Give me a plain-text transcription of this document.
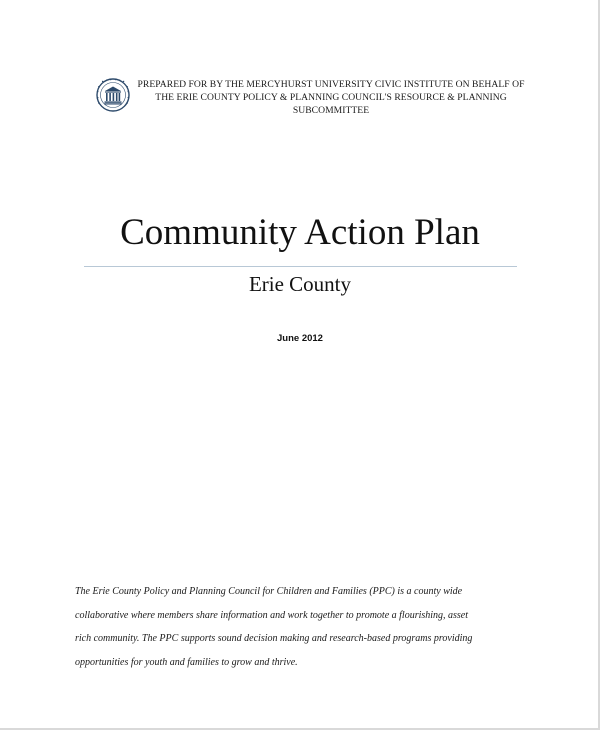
PREPARED FOR BY THE MERCYHURST UNIVERSITY CIVIC INSTITUTE ON BEHALF OF
THE ERIE COUNTY POLICY & PLANNING COUNCIL'S RESOURCE & PLANNING
SUBCOMMITTEE
Community Action Plan
Erie County
June 2012
The Erie County Policy and Planning Council for Children and Families (PPC) is a county wide
collaborative where members share information and work together to promote a flourishing, asset
rich community. The PPC supports sound decision making and research-based programs providing
opportunities for youth and families to grow and thrive.
